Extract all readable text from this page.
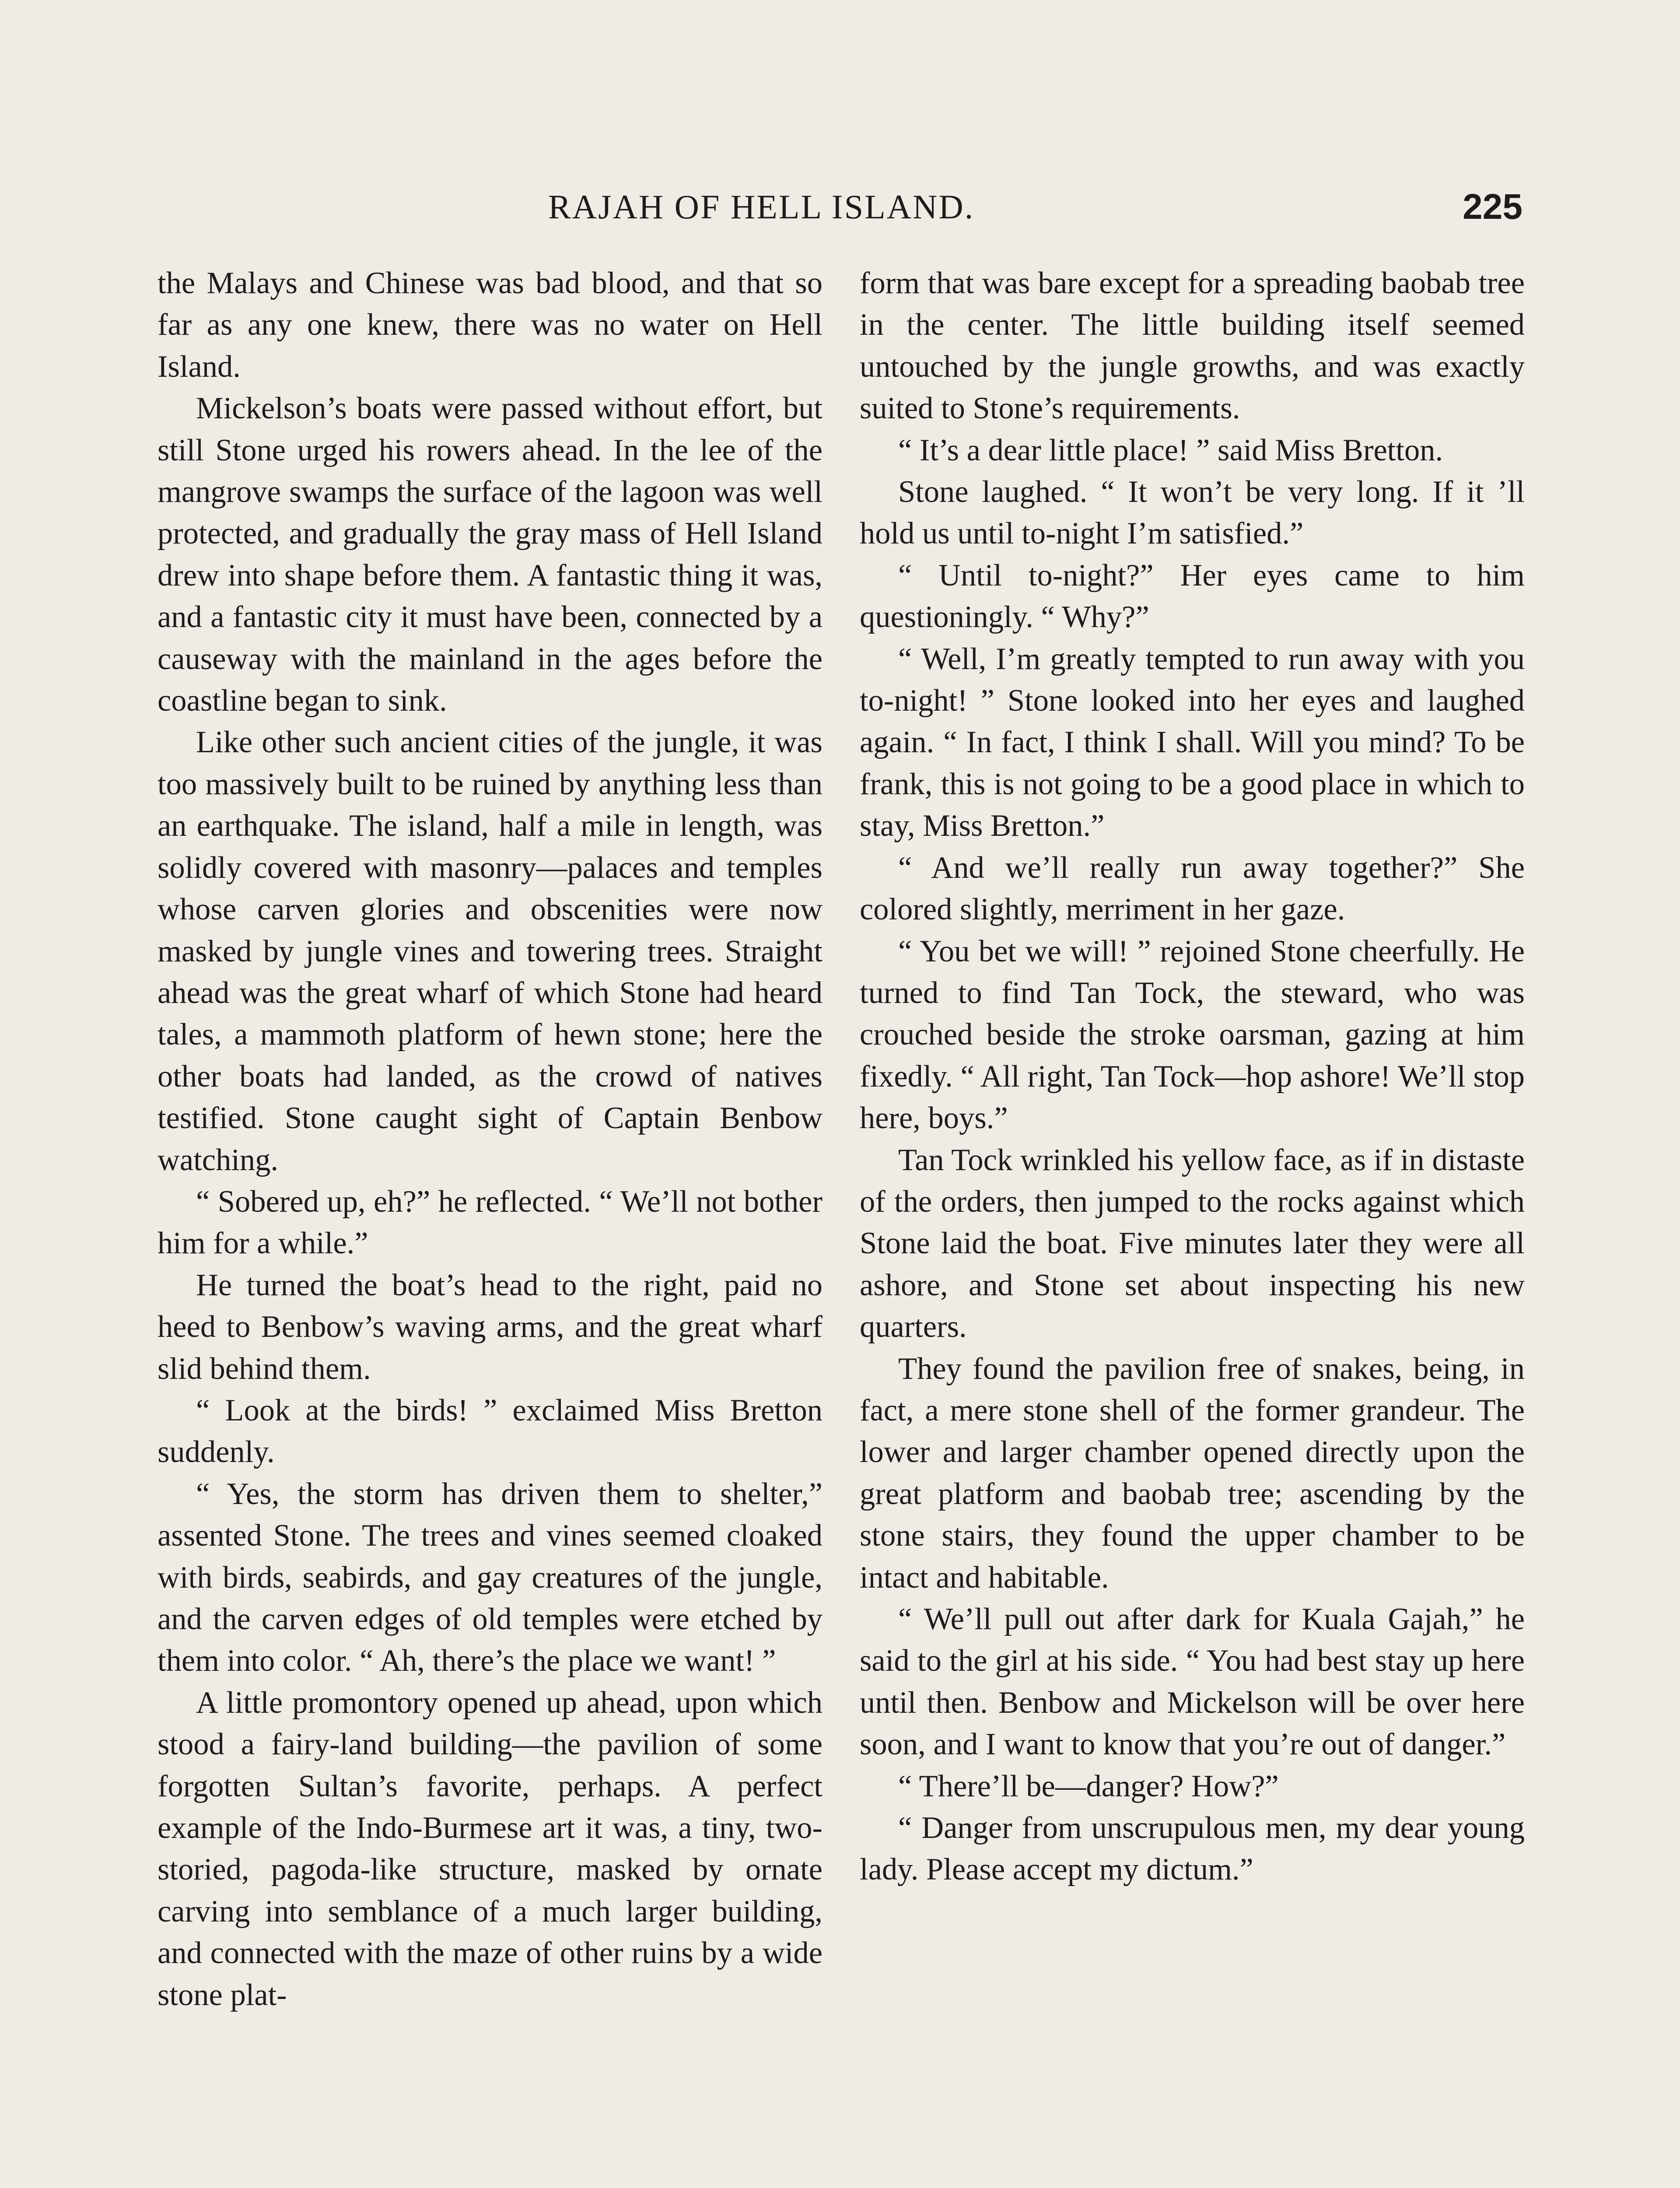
RAJAH OF HELL ISLAND.	225

the Malays and Chinese was bad blood, and that so far as any one knew, there was no water on Hell Island.

Mickelson’s boats were passed without effort, but still Stone urged his rowers ahead. In the lee of the mangrove swamps the surface of the lagoon was well protected, and gradually the gray mass of Hell Island drew into shape before them. A fantastic thing it was, and a fantastic city it must have been, connected by a causeway with the mainland in the ages before the coastline began to sink.

Like other such ancient cities of the jungle, it was too massively built to be ruined by anything less than an earthquake. The island, half a mile in length, was solidly covered with masonry—palaces and temples whose carven glories and obscenities were now masked by jungle vines and towering trees. Straight ahead was the great wharf of which Stone had heard tales, a mammoth platform of hewn stone; here the other boats had landed, as the crowd of natives testified. Stone caught sight of Captain Benbow watching.

“ Sobered up, eh?” he reflected. “ We’ll not bother him for a while.”

He turned the boat’s head to the right, paid no heed to Benbow’s waving arms, and the great wharf slid behind them.

“ Look at the birds! ” exclaimed Miss Bretton suddenly.

“ Yes, the storm has driven them to shelter,” assented Stone. The trees and vines seemed cloaked with birds, seabirds, and gay creatures of the jungle, and the carven edges of old temples were etched by them into color. “ Ah, there’s the place we want! ”

A little promontory opened up ahead, upon which stood a fairy-land building—the pavilion of some forgotten Sultan’s favorite, perhaps. A perfect example of the Indo-Burmese art it was, a tiny, two-storied, pagoda-like structure, masked by ornate carving into semblance of a much larger building, and connected with the maze of other ruins by a wide stone plat-

form that was bare except for a spreading baobab tree in the center. The little building itself seemed untouched by the jungle growths, and was exactly suited to Stone’s requirements.

“ It’s a dear little place! ” said Miss Bretton.

Stone laughed. “ It won’t be very long. If it ’ll hold us until to-night I’m satisfied.”

“ Until to-night?” Her eyes came to him questioningly. “ Why?”

“ Well, I’m greatly tempted to run away with you to-night! ” Stone looked into her eyes and laughed again. “ In fact, I think I shall. Will you mind? To be frank, this is not going to be a good place in which to stay, Miss Bretton.”

“ And we’ll really run away together?” She colored slightly, merriment in her gaze.

“ You bet we will! ” rejoined Stone cheerfully. He turned to find Tan Tock, the steward, who was crouched beside the stroke oarsman, gazing at him fixedly. “ All right, Tan Tock—hop ashore! We’ll stop here, boys.”

Tan Tock wrinkled his yellow face, as if in distaste of the orders, then jumped to the rocks against which Stone laid the boat. Five minutes later they were all ashore, and Stone set about inspecting his new quarters.

They found the pavilion free of snakes, being, in fact, a mere stone shell of the former grandeur. The lower and larger chamber opened directly upon the great platform and baobab tree; ascending by the stone stairs, they found the upper chamber to be intact and habitable.

“ We’ll pull out after dark for Kuala Gajah,” he said to the girl at his side. “ You had best stay up here until then. Benbow and Mickelson will be over here soon, and I want to know that you’re out of danger.”

“ There’ll be—danger? How?”

“ Danger from unscrupulous men, my dear young lady. Please accept my dictum.”
